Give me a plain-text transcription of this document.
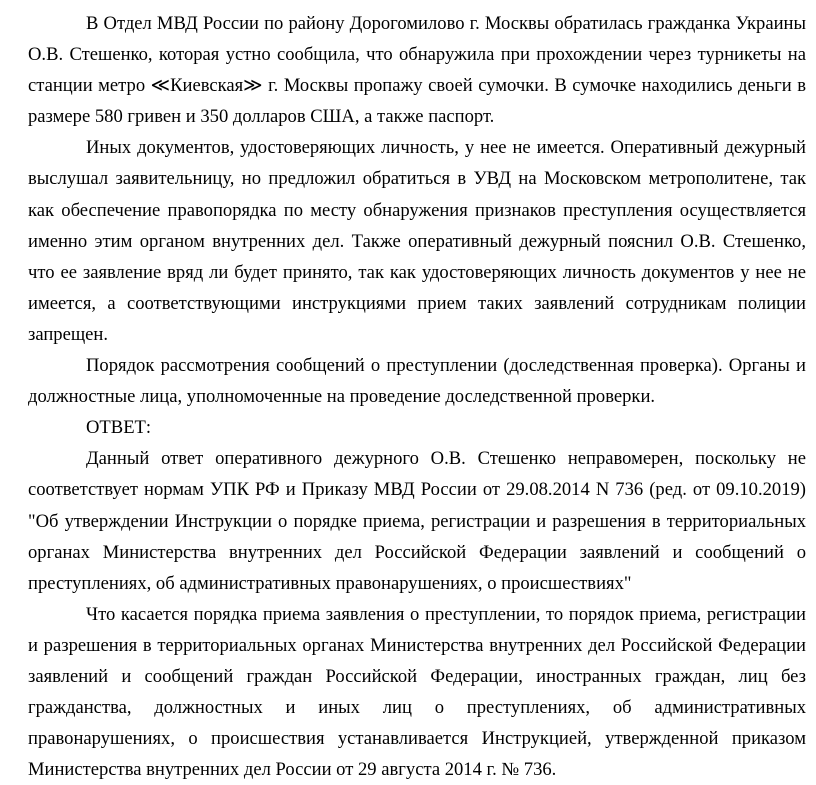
В Отдел МВД России по району Дорогомилово г. Москвы обратилась гражданка Украины О.В. Стешенко, которая устно сообщила, что обнаружила при прохождении через турникеты на станции метро ≪Киевская≫ г. Москвы пропажу своей сумочки. В сумочке находились деньги в размере 580 гривен и 350 долларов США, а также паспорт.

Иных документов, удостоверяющих личность, у нее не имеется. Оперативный дежурный выслушал заявительницу, но предложил обратиться в УВД на Московском метрополитене, так как обеспечение правопорядка по месту обнаружения признаков преступления осуществляется именно этим органом внутренних дел. Также оперативный дежурный пояснил О.В. Стешенко, что ее заявление вряд ли будет принято, так как удостоверяющих личность документов у нее не имеется, а соответствующими инструкциями прием таких заявлений сотрудникам полиции запрещен.

Порядок рассмотрения сообщений о преступлении (доследственная проверка). Органы и должностные лица, уполномоченные на проведение доследственной проверки.

ОТВЕТ:

Данный ответ оперативного дежурного О.В. Стешенко неправомерен, поскольку не соответствует нормам УПК РФ и Приказу МВД России от 29.08.2014 N 736 (ред. от 09.10.2019) "Об утверждении Инструкции о порядке приема, регистрации и разрешения в территориальных органах Министерства внутренних дел Российской Федерации заявлений и сообщений о преступлениях, об административных правонарушениях, о происшествиях"

Что касается порядка приема заявления о преступлении, то порядок приема, регистрации и разрешения в территориальных органах Министерства внутренних дел Российской Федерации заявлений и сообщений граждан Российской Федерации, иностранных граждан, лиц без гражданства, должностных и иных лиц о преступлениях, об административных правонарушениях, о происшествия устанавливается Инструкцией, утвержденной приказом Министерства внутренних дел России от 29 августа 2014 г. № 736.
